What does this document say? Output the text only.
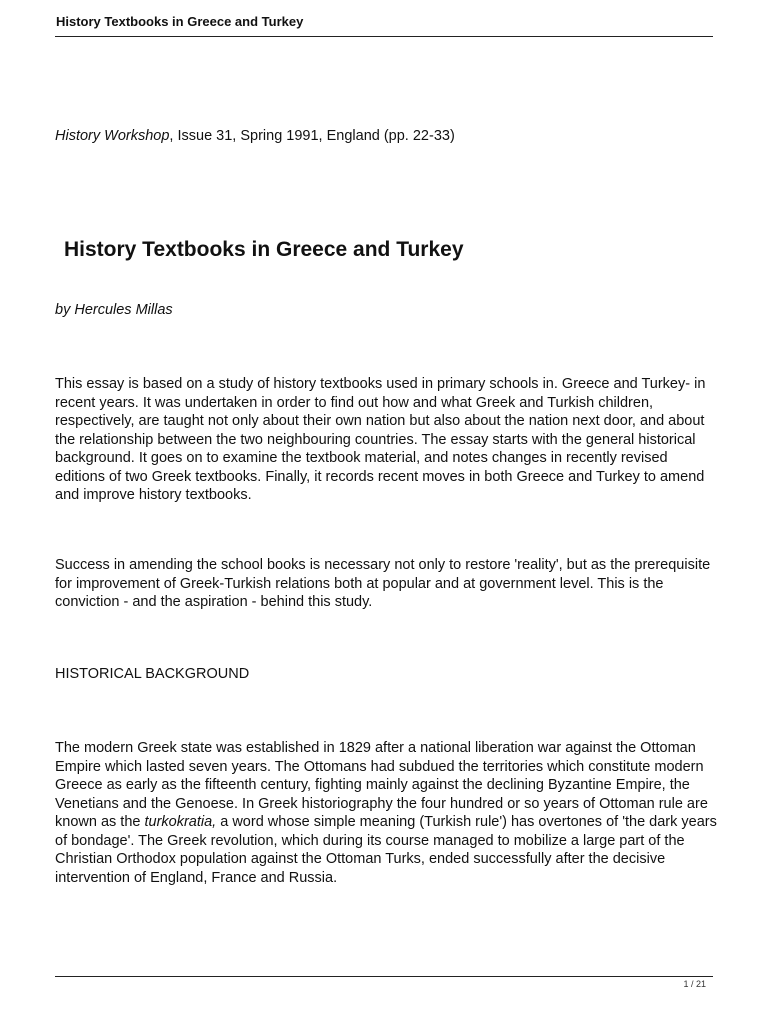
History Textbooks in Greece and Turkey
History Workshop, Issue 31, Spring 1991, England (pp. 22-33)
History Textbooks in Greece and Turkey
by Hercules Millas

This essay is based on a study of history textbooks used in primary schools in. Greece and Turkey- in recent years. It was undertaken in order to find out how and what Greek and Turkish children, respectively, are taught not only about their own nation but also about the nation next door, and about the relationship between the two neighbouring countries. The essay starts with the general historical background. It goes on to examine the textbook material, and notes changes in recently revised editions of two Greek textbooks. Finally, it records recent moves in both Greece and Turkey to amend and improve history textbooks.

Success in amending the school books is necessary not only to restore 'reality', but as the prerequisite for improvement of Greek-Turkish relations both at popular and at government level. This is the conviction - and the aspiration - behind this study.

HISTORICAL BACKGROUND

The modern Greek state was established in 1829 after a national liberation war against the Ottoman Empire which lasted seven years. The Ottomans had subdued the territories which constitute modern Greece as early as the fifteenth century, fighting mainly against the declining Byzantine Empire, the Venetians and the Genoese. In Greek historiography the four hundred or so years of Ottoman rule are known as the turkokratia, a word whose simple meaning (Turkish rule') has overtones of 'the dark years of bondage'. The Greek revolution, which during its course managed to mobilize a large part of the Christian Orthodox population against the Ottoman Turks, ended successfully after the decisive intervention of England, France and Russia.

1 / 21
